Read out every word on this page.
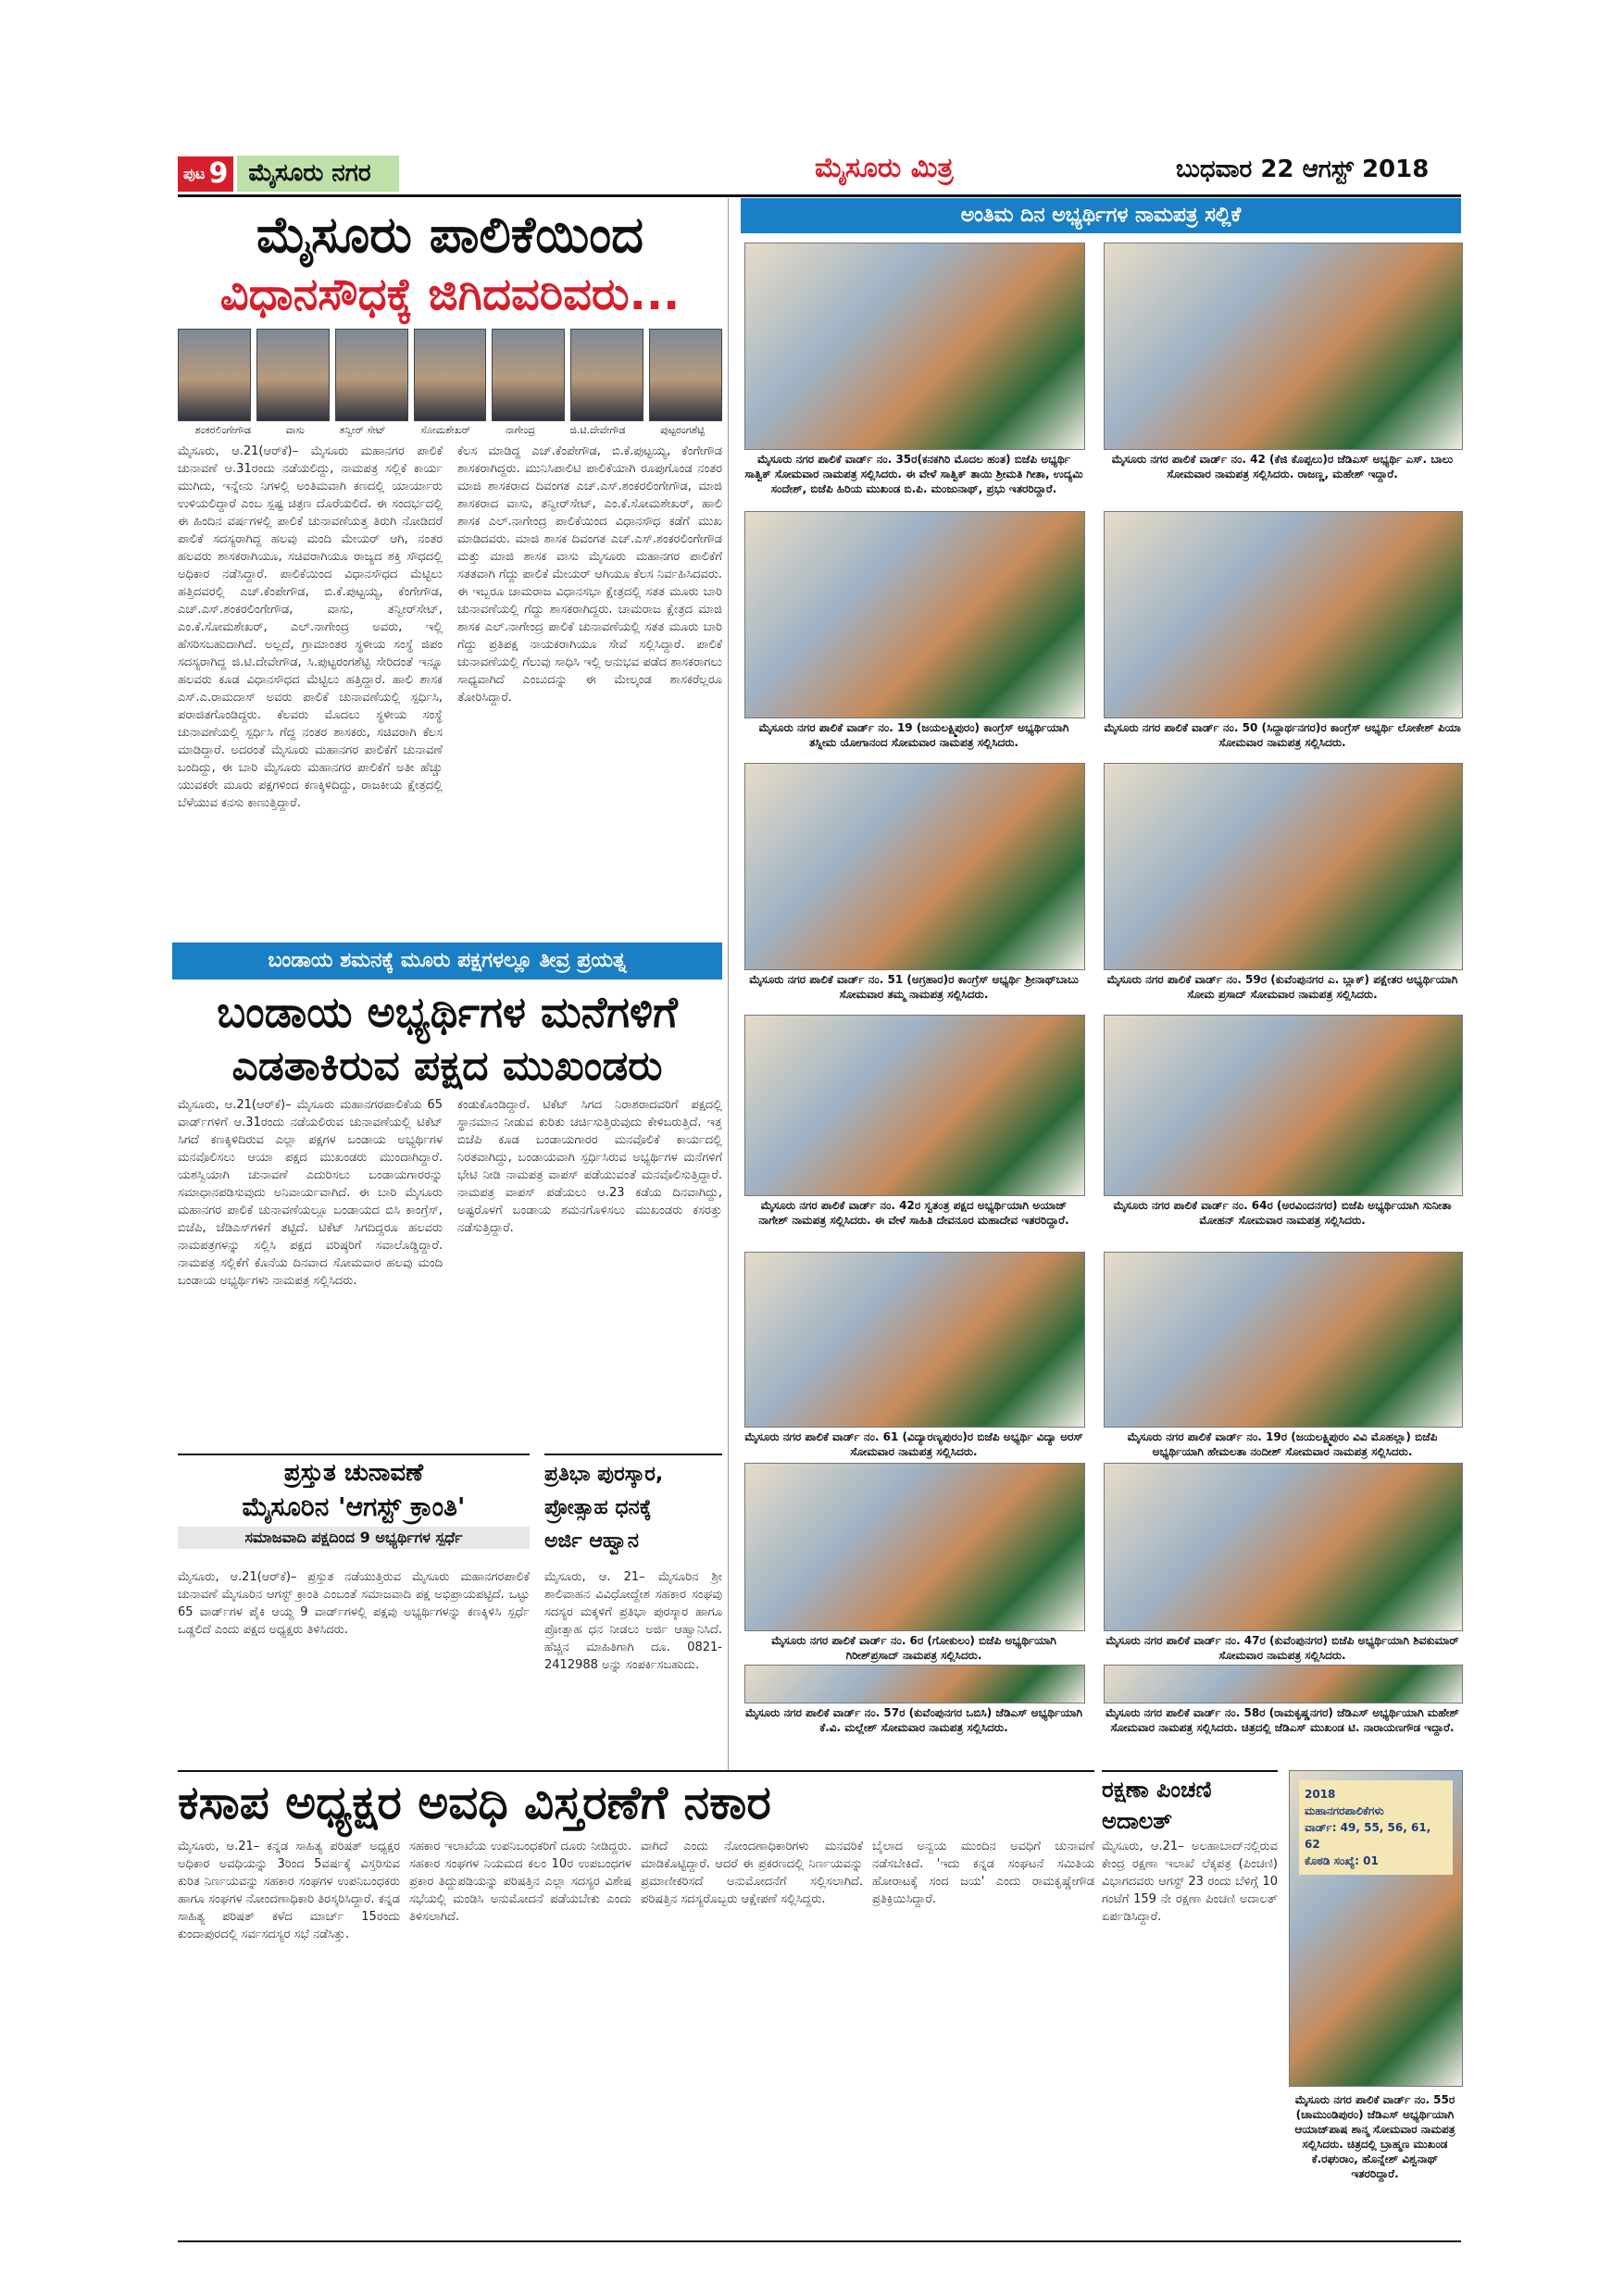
ಪುಟ 9 ಮೈಸೂರು ನಗರ	ಮೈಸೂರು ಮಿತ್ರ	ಬುಧವಾರ 22 ಆಗಸ್ಟ್ 2018
ಮೈಸೂರು ಪಾಲಿಕೆಯಿಂದ
ವಿಧಾನಸೌಧಕ್ಕೆ ಜಿಗಿದವರಿವರು...
ಶಂಕರಲಿಂಗೇಗೌಡ	ವಾಸು	ತನ್ವೀರ್ ಸೇಟ್	ಸೋಮಶೇಖರ್	ನಾಗೇಂದ್ರ	ಜಿ.ಟಿ.ದೇವೇಗೌಡ	ಪುಟ್ಟರಂಗಶೆಟ್ಟಿ
ಮೈಸೂರು, ಆ.21(ಆರ್‌ಕೆ)– ಮೈಸೂರು ಮಹಾನಗರ ಪಾಲಿಕೆ ಚುನಾವಣೆ ಆ.31ರಂದು ನಡೆಯಲಿದ್ದು, ನಾಮಪತ್ರ ಸಲ್ಲಿಕೆ ಕಾರ್ಯ ಮುಗಿದು, ಇನ್ನೇನು ನಿಗಳಲ್ಲಿ ಅಂತಿಮವಾಗಿ ಕಣದಲ್ಲಿ ಯಾರ್ಯಾರು ಉಳಿಯಲಿದ್ದಾರೆ ಎಂಬ ಸ್ಪಷ್ಟ ಚಿತ್ರಣ ದೊರೆಯಲಿದೆ. ಈ ಸಂದರ್ಭದಲ್ಲಿ ಈ ಹಿಂದಿನ ವರ್ಷಗಳಲ್ಲಿ ಪಾಲಿಕೆ ಚುನಾವಣೆಯತ್ತ ತಿರುಗಿ ನೋಡಿದರೆ ಪಾಲಿಕೆ ಸದಸ್ಯರಾಗಿದ್ದ ಹಲವು ಮಂದಿ ಮೇಯರ್ ಆಗಿ, ನಂತರ ಹಲವರು ಶಾಸಕರಾಗಿಯೂ, ಸಚಿವರಾಗಿಯೂ ರಾಜ್ಯದ ಶಕ್ತಿ ಸೌಧದಲ್ಲಿ ಅಧಿಕಾರ ನಡೆಸಿದ್ದಾರೆ. ಪಾಲಿಕೆಯಿಂದ ವಿಧಾನಸೌಧದ ಮೆಟ್ಟಿಲು ಹತ್ತಿದವರಲ್ಲಿ ಎಚ್.ಕೆಂಪೇಗೌಡ, ಬಿ.ಕೆ.ಪುಟ್ಟಯ್ಯ, ಕೆಂಗೇಗೌಡ, ಎಚ್.ಎಸ್.ಶಂಕರಲಿಂಗೇಗೌಡ, ವಾಸು, ತನ್ವೀರ್‌ಸೇಟ್, ಎಂ.ಕೆ.ಸೋಮಶೇಖರ್, ಎಲ್.ನಾಗೇಂದ್ರ ಅವರು, ಇಲ್ಲಿ ಹೆಸರಿಸಬಹುದಾಗಿದೆ. ಅಲ್ಲದೆ, ಗ್ರಾಮಾಂತರ ಸ್ಥಳೀಯ ಸಂಸ್ಥೆ ಜಿಪಂ ಸದಸ್ಯರಾಗಿದ್ದ ಜಿ.ಟಿ.ದೇವೇಗೌಡ, ಸಿ.ಪುಟ್ಟರಂಗಶೆಟ್ಟಿ ಸೇರಿದಂತೆ ಇನ್ನೂ ಹಲವರು ಕೂಡ ವಿಧಾನಸೌಧದ ಮೆಟ್ಟಿಲು ಹತ್ತಿದ್ದಾರೆ. ಹಾಲಿ ಶಾಸಕ ಎಸ್.ಎ.ರಾಮದಾಸ್ ಅವರು ಪಾಲಿಕೆ ಚುನಾವಣೆಯಲ್ಲಿ ಸ್ಪರ್ಧಿಸಿ, ಪರಾಜಿತಗೊಂಡಿದ್ದರು. ಕೆಲವರು ಮೊದಲು ಸ್ಥಳೀಯ ಸಂಸ್ಥೆ ಚುನಾವಣೆಯಲ್ಲಿ ಸ್ಪರ್ಧಿಸಿ ಗೆದ್ದ ನಂತರ ಶಾಸಕರು, ಸಚಿವರಾಗಿ ಕೆಲಸ ಮಾಡಿದ್ದಾರೆ. ಅದರಂತೆ ಮೈಸೂರು ಮಹಾನಗರ ಪಾಲಿಕೆಗೆ ಚುನಾವಣೆ ಬಂದಿದ್ದು, ಈ ಬಾರಿ ಮೈಸೂರು ಮಹಾನಗರ ಪಾಲಿಕೆಗೆ ಅತೀ ಹೆಚ್ಚು ಯುವಕರೇ ಮೂರು ಪಕ್ಷಗಳಿಂದ ಕಣಕ್ಕಿಳಿದಿದ್ದು, ರಾಜಕೀಯ ಕ್ಷೇತ್ರದಲ್ಲಿ ಬೆಳೆಯುವ ಕನಸು ಕಾಣುತ್ತಿದ್ದಾರೆ.
ಕೆಲಸ ಮಾಡಿದ್ದ ಎಚ್.ಕೆಂಪೇಗೌಡ, ಬಿ.ಕೆ.ಪುಟ್ಟಯ್ಯ, ಕೆಂಗೇಗೌಡ ಶಾಸಕರಾಗಿದ್ದರು. ಮುನಿಸಿಪಾಲಿಟಿ ಪಾಲಿಕೆಯಾಗಿ ರೂಪುಗೊಂಡ ನಂತರ ಮಾಜಿ ಶಾಸಕರಾದ ದಿವಂಗತ ಎಚ್.ಎಸ್.ಶಂಕರಲಿಂಗೇಗೌಡ, ಮಾಜಿ ಶಾಸಕರಾದ ವಾಸು, ತನ್ವೀರ್‌ಸೇಟ್, ಎಂ.ಕೆ.ಸೋಮಶೇಖರ್, ಹಾಲಿ ಶಾಸಕ ಎಲ್.ನಾಗೇಂದ್ರ ಪಾಲಿಕೆಯಿಂದ ವಿಧಾನಸೌಧ ಕಡೆಗೆ ಮುಖ ಮಾಡಿದವರು. ಮಾಜಿ ಶಾಸಕ ದಿವಂಗತ ಎಚ್.ಎಸ್.ಶಂಕರಲಿಂಗೇಗೌಡ ಮತ್ತು ಮಾಜಿ ಶಾಸಕ ವಾಸು ಮೈಸೂರು ಮಹಾನಗರ ಪಾಲಿಕೆಗೆ ಸತತವಾಗಿ ಗೆದ್ದು ಪಾಲಿಕೆ ಮೇಯರ್ ಆಗಿಯೂ ಕೆಲಸ ನಿರ್ವಹಿಸಿದವರು. ಈ ಇಬ್ಬರೂ ಚಾಮರಾಜ ವಿಧಾನಸಭಾ ಕ್ಷೇತ್ರದಲ್ಲಿ ಸತತ ಮೂರು ಬಾರಿ ಚುನಾವಣೆಯಲ್ಲಿ ಗೆದ್ದು ಶಾಸಕರಾಗಿದ್ದರು. ಚಾಮರಾಜ ಕ್ಷೇತ್ರದ ಮಾಜಿ ಶಾಸಕ ಎಲ್.ನಾಗೇಂದ್ರ ಪಾಲಿಕೆ ಚುನಾವಣೆಯಲ್ಲಿ ಸತತ ಮೂರು ಬಾರಿ ಗೆದ್ದು ಪ್ರತಿಪಕ್ಷ ನಾಯಕರಾಗಿಯೂ ಸೇವೆ ಸಲ್ಲಿಸಿದ್ದಾರೆ. ಪಾಲಿಕೆ ಚುನಾವಣೆಯಲ್ಲಿ ಗೆಲುವು ಸಾಧಿಸಿ ಇಲ್ಲಿ ಅನುಭವ ಪಡೆದ ಶಾಸಕರಾಗಲು ಸಾಧ್ಯವಾಗಿದೆ ಎಂಬುದನ್ನು ಈ ಮೇಲ್ಕಂಡ ಶಾಸಕರೆಲ್ಲರೂ ತೋರಿಸಿದ್ದಾರೆ.
ಬಂಡಾಯ ಶಮನಕ್ಕೆ ಮೂರು ಪಕ್ಷಗಳಲ್ಲೂ ತೀವ್ರ ಪ್ರಯತ್ನ
ಬಂಡಾಯ ಅಭ್ಯರ್ಥಿಗಳ ಮನೆಗಳಿಗೆ
ಎಡತಾಕಿರುವ ಪಕ್ಷದ ಮುಖಂಡರು
ಮೈಸೂರು, ಆ.21(ಆರ್‌ಕೆ)– ಮೈಸೂರು ಮಹಾನಗರಪಾಲಿಕೆಯ 65 ವಾರ್ಡ್‌ಗಳಿಗೆ ಆ.31ರಂದು ನಡೆಯಲಿರುವ ಚುನಾವಣೆಯಲ್ಲಿ ಟಿಕೆಟ್ ಸಿಗದೆ ಕಣಕ್ಕಿಳಿದಿರುವ ಎಲ್ಲಾ ಪಕ್ಷಗಳ ಬಂಡಾಯ ಅಭ್ಯರ್ಥಿಗಳ ಮನವೊಲಿಸಲು ಆಯಾ ಪಕ್ಷದ ಮುಖಂಡರು ಮುಂದಾಗಿದ್ದಾರೆ. ಯಶಸ್ವಿಯಾಗಿ ಚುನಾವಣೆ ಎದುರಿಸಲು ಬಂಡಾಯಗಾರರನ್ನು ಸಮಾಧಾನಪಡಿಸುವುದು ಅನಿವಾರ್ಯವಾಗಿದೆ. ಈ ಬಾರಿ ಮೈಸೂರು ಮಹಾನಗರ ಪಾಲಿಕೆ ಚುನಾವಣೆಯಲ್ಲೂ ಬಂಡಾಯದ ಬಿಸಿ ಕಾಂಗ್ರೆಸ್, ಬಿಜೆಪಿ, ಜೆಡಿಎಸ್‌ಗಳಿಗೆ ತಟ್ಟಿದೆ. ಟಿಕೆಟ್ ಸಿಗದಿದ್ದರೂ ಹಲವರು ನಾಮಪತ್ರಗಳನ್ನು ಸಲ್ಲಿಸಿ ಪಕ್ಷದ ವರಿಷ್ಠರಿಗೆ ಸವಾಲೊಡ್ಡಿದ್ದಾರೆ. ನಾಮಪತ್ರ ಸಲ್ಲಿಕೆಗೆ ಕೊನೆಯ ದಿನವಾದ ಸೋಮವಾರ ಹಲವು ಮಂದಿ ಬಂಡಾಯ ಅಭ್ಯರ್ಥಿಗಳು ನಾಮಪತ್ರ ಸಲ್ಲಿಸಿದರು.
ಕಂಡುಕೊಂಡಿದ್ದಾರೆ. ಟಿಕೆಟ್ ಸಿಗದ ನಿರಾಶರಾದವರಿಗೆ ಪಕ್ಷದಲ್ಲಿ ಸ್ಥಾನಮಾನ ನೀಡುವ ಕುರಿತು ಚರ್ಚಿಸುತ್ತಿರುವುದು ಕೇಳಿಬರುತ್ತಿದೆ. ಇತ್ತ ಬಿಜೆಪಿ ಕೂಡ ಬಂಡಾಯಗಾರರ ಮನವೊಲಿಕೆ ಕಾರ್ಯದಲ್ಲಿ ನಿರತವಾಗಿದ್ದು, ಬಂಡಾಯವಾಗಿ ಸ್ಪರ್ಧಿಸಿರುವ ಅಭ್ಯರ್ಥಿಗಳ ಮನೆಗಳಿಗೆ ಭೇಟಿ ನೀಡಿ ನಾಮಪತ್ರ ವಾಪಸ್ ಪಡೆಯುವಂತೆ ಮನವೊಲಿಸುತ್ತಿದ್ದಾರೆ. ನಾಮಪತ್ರ ವಾಪಸ್ ಪಡೆಯಲು ಆ.23 ಕಡೆಯ ದಿನವಾಗಿದ್ದು, ಅಷ್ಟರೊಳಗೆ ಬಂಡಾಯ ಶಮನಗೊಳಿಸಲು ಮುಖಂಡರು ಕಸರತ್ತು ನಡೆಸುತ್ತಿದ್ದಾರೆ.
ಪ್ರಸ್ತುತ ಚುನಾವಣೆ
ಮೈಸೂರಿನ 'ಆಗಸ್ಟ್ ಕ್ರಾಂತಿ'
ಸಮಾಜವಾದಿ ಪಕ್ಷದಿಂದ 9 ಅಭ್ಯರ್ಥಿಗಳ ಸ್ಪರ್ಧೆ
ಮೈಸೂರು, ಆ.21(ಆರ್‌ಕೆ)– ಪ್ರಸ್ತುತ ನಡೆಯುತ್ತಿರುವ ಮೈಸೂರು ಮಹಾನಗರಪಾಲಿಕೆ ಚುನಾವಣೆ ಮೈಸೂರಿನ ಆಗಸ್ಟ್ ಕ್ರಾಂತಿ ಎಂಬಂತೆ ಸಮಾಜವಾದಿ ಪಕ್ಷ ಅಭಿಪ್ರಾಯಪಟ್ಟಿದೆ. ಒಟ್ಟು 65 ವಾರ್ಡ್‌ಗಳ ಪೈಕಿ ಆಯ್ದ 9 ವಾರ್ಡ್‌ಗಳಲ್ಲಿ ಪಕ್ಷವು ಅಭ್ಯರ್ಥಿಗಳನ್ನು ಕಣಕ್ಕಿಳಿಸಿ ಸ್ಪರ್ಧೆ ಒಡ್ಡಲಿದೆ ಎಂದು ಪಕ್ಷದ ಅಧ್ಯಕ್ಷರು ತಿಳಿಸಿದರು.
ಪ್ರತಿಭಾ ಪುರಸ್ಕಾರ,
ಪ್ರೋತ್ಸಾಹ ಧನಕ್ಕೆ
ಅರ್ಜಿ ಆಹ್ವಾನ
ಮೈಸೂರು, ಆ. 21– ಮೈಸೂರಿನ ಶ್ರೀ ಶಾಲಿವಾಹನ ವಿವಿಧೋದ್ದೇಶ ಸಹಕಾರ ಸಂಘವು ಸದಸ್ಯರ ಮಕ್ಕಳಿಗೆ ಪ್ರತಿಭಾ ಪುರಸ್ಕಾರ ಹಾಗೂ ಪ್ರೋತ್ಸಾಹ ಧನ ನೀಡಲು ಅರ್ಜಿ ಆಹ್ವಾನಿಸಿದೆ. ಹೆಚ್ಚಿನ ಮಾಹಿತಿಗಾಗಿ ದೂ. 0821-2412988 ಅನ್ನು ಸಂಪರ್ಕಿಸಬಹುದು.
ಅಂತಿಮ ದಿನ ಅಭ್ಯರ್ಥಿಗಳ ನಾಮಪತ್ರ ಸಲ್ಲಿಕೆ
ಮೈಸೂರು ನಗರ ಪಾಲಿಕೆ ವಾರ್ಡ್ ನಂ. 35ರ(ಕನಕಗಿರಿ ಮೊದಲ ಹಂತ) ಬಿಜೆಪಿ ಅಭ್ಯರ್ಥಿ ಸಾತ್ವಿಕ್ ಸೋಮವಾರ ನಾಮಪತ್ರ ಸಲ್ಲಿಸಿದರು. ಈ ವೇಳೆ ಸಾತ್ವಿಕ್ ತಾಯಿ ಶ್ರೀಮತಿ ಗೀತಾ, ಉದ್ಯಮಿ ಸಂದೇಶ್, ಬಿಜೆಪಿ ಹಿರಿಯ ಮುಖಂಡ ಬಿ.ಪಿ. ಮಂಜುನಾಥ್, ಪ್ರಭು ಇತರರಿದ್ದಾರೆ.
ಮೈಸೂರು ನಗರ ಪಾಲಿಕೆ ವಾರ್ಡ್ ನಂ. 42 (ಕೆಜಿ ಕೊಪ್ಪಲು)ರ ಜೆಡಿಎಸ್ ಅಭ್ಯರ್ಥಿ ಎಸ್. ಬಾಲು ಸೋಮವಾರ ನಾಮಪತ್ರ ಸಲ್ಲಿಸಿದರು. ರಾಜಣ್ಣ, ಮಹೇಶ್ ಇದ್ದಾರೆ.
ಮೈಸೂರು ನಗರ ಪಾಲಿಕೆ ವಾರ್ಡ್ ನಂ. 19 (ಜಯಲಕ್ಷ್ಮಿಪುರಂ) ಕಾಂಗ್ರೆಸ್ ಅಭ್ಯರ್ಥಿಯಾಗಿ ತಸ್ನೀಮ ಯೋಗಾನಂದ ಸೋಮವಾರ ನಾಮಪತ್ರ ಸಲ್ಲಿಸಿದರು.
ಮೈಸೂರು ನಗರ ಪಾಲಿಕೆ ವಾರ್ಡ್ ನಂ. 50 (ಸಿದ್ದಾರ್ಥನಗರ)ರ ಕಾಂಗ್ರೆಸ್ ಅಭ್ಯರ್ಥಿ ಲೋಕೇಶ್ ಪಿಯಾ ಸೋಮವಾರ ನಾಮಪತ್ರ ಸಲ್ಲಿಸಿದರು.
ಮೈಸೂರು ನಗರ ಪಾಲಿಕೆ ವಾರ್ಡ್ ನಂ. 51 (ಅಗ್ರಹಾರ)ರ ಕಾಂಗ್ರೆಸ್ ಅಭ್ಯರ್ಥಿ ಶ್ರೀನಾಥ್‌ಬಾಬು ಸೋಮವಾರ ತಮ್ಮ ನಾಮಪತ್ರ ಸಲ್ಲಿಸಿದರು.
ಮೈಸೂರು ನಗರ ಪಾಲಿಕೆ ವಾರ್ಡ್ ನಂ. 59ರ (ಕುವೆಂಪುನಗರ ಎ. ಬ್ಲಾಕ್) ಪಕ್ಷೇತರ ಅಭ್ಯರ್ಥಿಯಾಗಿ ಸೋಮ ಪ್ರಸಾದ್ ಸೋಮವಾರ ನಾಮಪತ್ರ ಸಲ್ಲಿಸಿದರು.
ಮೈಸೂರು ನಗರ ಪಾಲಿಕೆ ವಾರ್ಡ್ ನಂ. 42ರ ಸ್ವತಂತ್ರ ಪಕ್ಷದ ಅಭ್ಯರ್ಥಿಯಾಗಿ ಅಯಾಜ್ ನಾಗೇಶ್ ನಾಮಪತ್ರ ಸಲ್ಲಿಸಿದರು. ಈ ವೇಳೆ ಸಾಹಿತಿ ದೇವನೂರ ಮಹಾದೇವ ಇತರರಿದ್ದಾರೆ.
ಮೈಸೂರು ನಗರ ಪಾಲಿಕೆ ವಾರ್ಡ್ ನಂ. 64ರ (ಅರವಿಂದನಗರ) ಬಿಜೆಪಿ ಅಭ್ಯರ್ಥಿಯಾಗಿ ಸುನೀತಾ ಮೋಹನ್ ಸೋಮವಾರ ನಾಮಪತ್ರ ಸಲ್ಲಿಸಿದರು.
ಮೈಸೂರು ನಗರ ಪಾಲಿಕೆ ವಾರ್ಡ್ ನಂ. 61 (ವಿದ್ಯಾರಣ್ಯಪುರಂ)ರ ಬಿಜೆಪಿ ಅಭ್ಯರ್ಥಿ ವಿದ್ಯಾ ಅರಸ್ ಸೋಮವಾರ ನಾಮಪತ್ರ ಸಲ್ಲಿಸಿದರು.
ಮೈಸೂರು ನಗರ ಪಾಲಿಕೆ ವಾರ್ಡ್ ನಂ. 19ರ (ಜಯಲಕ್ಷ್ಮಿಪುರಂ ವಿವಿ ಮೊಹಲ್ಲಾ) ಬಿಜೆಪಿ ಅಭ್ಯರ್ಥಿಯಾಗಿ ಹೇಮಲತಾ ನಂದೀಶ್ ಸೋಮವಾರ ನಾಮಪತ್ರ ಸಲ್ಲಿಸಿದರು.
ಮೈಸೂರು ನಗರ ಪಾಲಿಕೆ ವಾರ್ಡ್ ನಂ. 6ರ (ಗೋಕುಲಂ) ಬಿಜೆಪಿ ಅಭ್ಯರ್ಥಿಯಾಗಿ ಗಿರೀಶ್‌ಪ್ರಸಾದ್ ನಾಮಪತ್ರ ಸಲ್ಲಿಸಿದರು.
ಮೈಸೂರು ನಗರ ಪಾಲಿಕೆ ವಾರ್ಡ್ ನಂ. 47ರ (ಕುವೆಂಪುನಗರ) ಬಿಜೆಪಿ ಅಭ್ಯರ್ಥಿಯಾಗಿ ಶಿವಕುಮಾರ್ ಸೋಮವಾರ ನಾಮಪತ್ರ ಸಲ್ಲಿಸಿದರು.
ಮೈಸೂರು ನಗರ ಪಾಲಿಕೆ ವಾರ್ಡ್ ನಂ. 57ರ (ಕುವೆಂಪುನಗರ ಒಬಿಸಿ) ಜೆಡಿಎಸ್ ಅಭ್ಯರ್ಥಿಯಾಗಿ ಕೆ.ವಿ. ಮಲ್ಲೇಶ್ ಸೋಮವಾರ ನಾಮಪತ್ರ ಸಲ್ಲಿಸಿದರು.
ಮೈಸೂರು ನಗರ ಪಾಲಿಕೆ ವಾರ್ಡ್ ನಂ. 58ರ (ರಾಮಕೃಷ್ಣನಗರ) ಜೆಡಿಎಸ್ ಅಭ್ಯರ್ಥಿಯಾಗಿ ಮಹೇಶ್ ಸೋಮವಾರ ನಾಮಪತ್ರ ಸಲ್ಲಿಸಿದರು. ಚಿತ್ರದಲ್ಲಿ ಜೆಡಿಎಸ್ ಮುಖಂಡ ಟಿ. ನಾರಾಯಣಗೌಡ ಇದ್ದಾರೆ.
ಕಸಾಪ ಅಧ್ಯಕ್ಷರ ಅವಧಿ ವಿಸ್ತರಣೆಗೆ ನಕಾರ
ಮೈಸೂರು, ಆ.21– ಕನ್ನಡ ಸಾಹಿತ್ಯ ಪರಿಷತ್ ಅಧ್ಯಕ್ಷರ ಅಧಿಕಾರ ಅವಧಿಯನ್ನು 3ರಿಂದ 5ವರ್ಷಕ್ಕೆ ವಿಸ್ತರಿಸುವ ಕುರಿತ ನಿರ್ಣಯವನ್ನು ಸಹಕಾರ ಸಂಘಗಳ ಉಪನಿಬಂಧಕರು ಹಾಗೂ ಸಂಘಗಳ ನೋಂದಣಾಧಿಕಾರಿ ತಿರಸ್ಕರಿಸಿದ್ದಾರೆ. ಕನ್ನಡ ಸಾಹಿತ್ಯ ಪರಿಷತ್ ಕಳೆದ ಮಾರ್ಚ್ 15ರಂದು ಕುಂದಾಪುರದಲ್ಲಿ ಸರ್ವಸದಸ್ಯರ ಸಭೆ ನಡೆಸಿತ್ತು.
ಸಹಕಾರ ಇಲಾಖೆಯ ಉಪನಿಬಂಧಕರಿಗೆ ದೂರು ನೀಡಿದ್ದರು. ಸಹಕಾರ ಸಂಘಗಳ ನಿಯಮದ ಕಲಂ 10ರ ಉಪಬಂಧಗಳ ಪ್ರಕಾರ ತಿದ್ದುಪಡಿಯನ್ನು ಪರಿಷತ್ತಿನ ಎಲ್ಲಾ ಸದಸ್ಯರ ವಿಶೇಷ ಸಭೆಯಲ್ಲಿ ಮಂಡಿಸಿ ಅನುಮೋದನೆ ಪಡೆಯಬೇಕು ಎಂದು ತಿಳಿಸಲಾಗಿದೆ.
ವಾಗಿದೆ ಎಂದು ನೋಂದಣಾಧಿಕಾರಿಗಳು ಮನವರಿಕೆ ಮಾಡಿಕೊಟ್ಟಿದ್ದಾರೆ. ಆದರೆ ಈ ಪ್ರಕರಣದಲ್ಲಿ ನಿರ್ಣಯವನ್ನು ಪ್ರಮಾಣೀಕರಿಸದೆ ಅನುಮೋದನೆಗೆ ಸಲ್ಲಿಸಲಾಗಿದೆ. ಪರಿಷತ್ತಿನ ಸದಸ್ಯರೊಬ್ಬರು ಆಕ್ಷೇಪಣೆ ಸಲ್ಲಿಸಿದ್ದರು.
ಬೈಲಾದ ಅನ್ವಯ ಮುಂದಿನ ಅವಧಿಗೆ ಚುನಾವಣೆ ನಡೆಸಬೇಕಿದೆ. 'ಇದು ಕನ್ನಡ ಸಂಘಟನೆ ಸಮಿತಿಯ ಹೋರಾಟಕ್ಕೆ ಸಂದ ಜಯ' ಎಂದು ರಾಮಕೃಷ್ಣೇಗೌಡ ಪ್ರತಿಕ್ರಿಯಿಸಿದ್ದಾರೆ.
ರಕ್ಷಣಾ ಪಿಂಚಣಿ
ಅದಾಲತ್
ಮೈಸೂರು, ಆ.21– ಅಲಹಾಬಾದ್‌ನಲ್ಲಿರುವ ಕೇಂದ್ರ ರಕ್ಷಣಾ ಇಲಾಖೆ ಲೆಕ್ಕಪತ್ರ (ಪಿಂಚಣಿ) ವಿಭಾಗದವರು ಆಗಸ್ಟ್ 23 ರಂದು ಬೆಳಿಗ್ಗೆ 10 ಗಂಟೆಗೆ 159 ನೇ ರಕ್ಷಣಾ ಪಿಂಚಣಿ ಅದಾಲತ್ ಏರ್ಪಡಿಸಿದ್ದಾರೆ.
2018
ಮಹಾನಗರಪಾಲಿಕೆಗಳು
ವಾರ್ಡ್: 49, 55, 56, 61, 62
ಕೊಠಡಿ ಸಂಖ್ಯೆ: 01
ಮೈಸೂರು ನಗರ ಪಾಲಿಕೆ ವಾರ್ಡ್ ನಂ. 55ರ (ಚಾಮುಂಡಿಪುರಂ) ಜೆಡಿಎಸ್ ಅಭ್ಯರ್ಥಿಯಾಗಿ ಆಯಾಜ್‌ಪಾಷ ಶಾನ್ಮ ಸೋಮವಾರ ನಾಮಪತ್ರ ಸಲ್ಲಿಸಿದರು. ಚಿತ್ರದಲ್ಲಿ ಬ್ರಾಹ್ಮಣ ಮುಖಂಡ ಕೆ.ರಘುರಾಂ, ಹೊನ್ನೇಶ್ ವಿಶ್ವನಾಥ್ ಇತರರಿದ್ದಾರೆ.
